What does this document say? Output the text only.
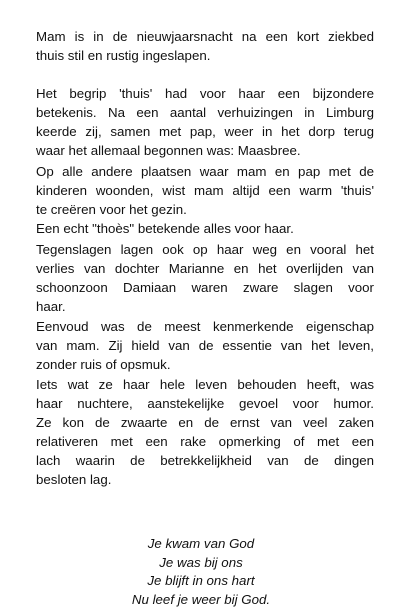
Mam is in de nieuwjaarsnacht na een kort ziekbed
thuis stil en rustig ingeslapen.
Het begrip 'thuis' had voor haar een bijzondere
betekenis. Na een aantal verhuizingen in Limburg
keerde zij, samen met pap, weer in het dorp terug
waar het allemaal begonnen was: Maasbree.
Op alle andere plaatsen waar mam en pap met de
kinderen woonden, wist mam altijd een warm 'thuis'
te creëren voor het gezin.
Een echt "thoès" betekende alles voor haar.
Tegenslagen lagen ook op haar weg en vooral het
verlies van dochter Marianne en het overlijden van
schoonzoon Damiaan waren zware slagen voor
haar.
Eenvoud was de meest kenmerkende eigenschap
van mam. Zij hield van de essentie van het leven,
zonder ruis of opsmuk.
Iets wat ze haar hele leven behouden heeft, was
haar nuchtere, aanstekelijke gevoel voor humor.
Ze kon de zwaarte en de ernst van veel zaken
relativeren met een rake opmerking of met een
lach waarin de betrekkelijkheid van de dingen
besloten lag.
Je kwam van God
Je was bij ons
Je blijft in ons hart
Nu leef je weer bij God.
